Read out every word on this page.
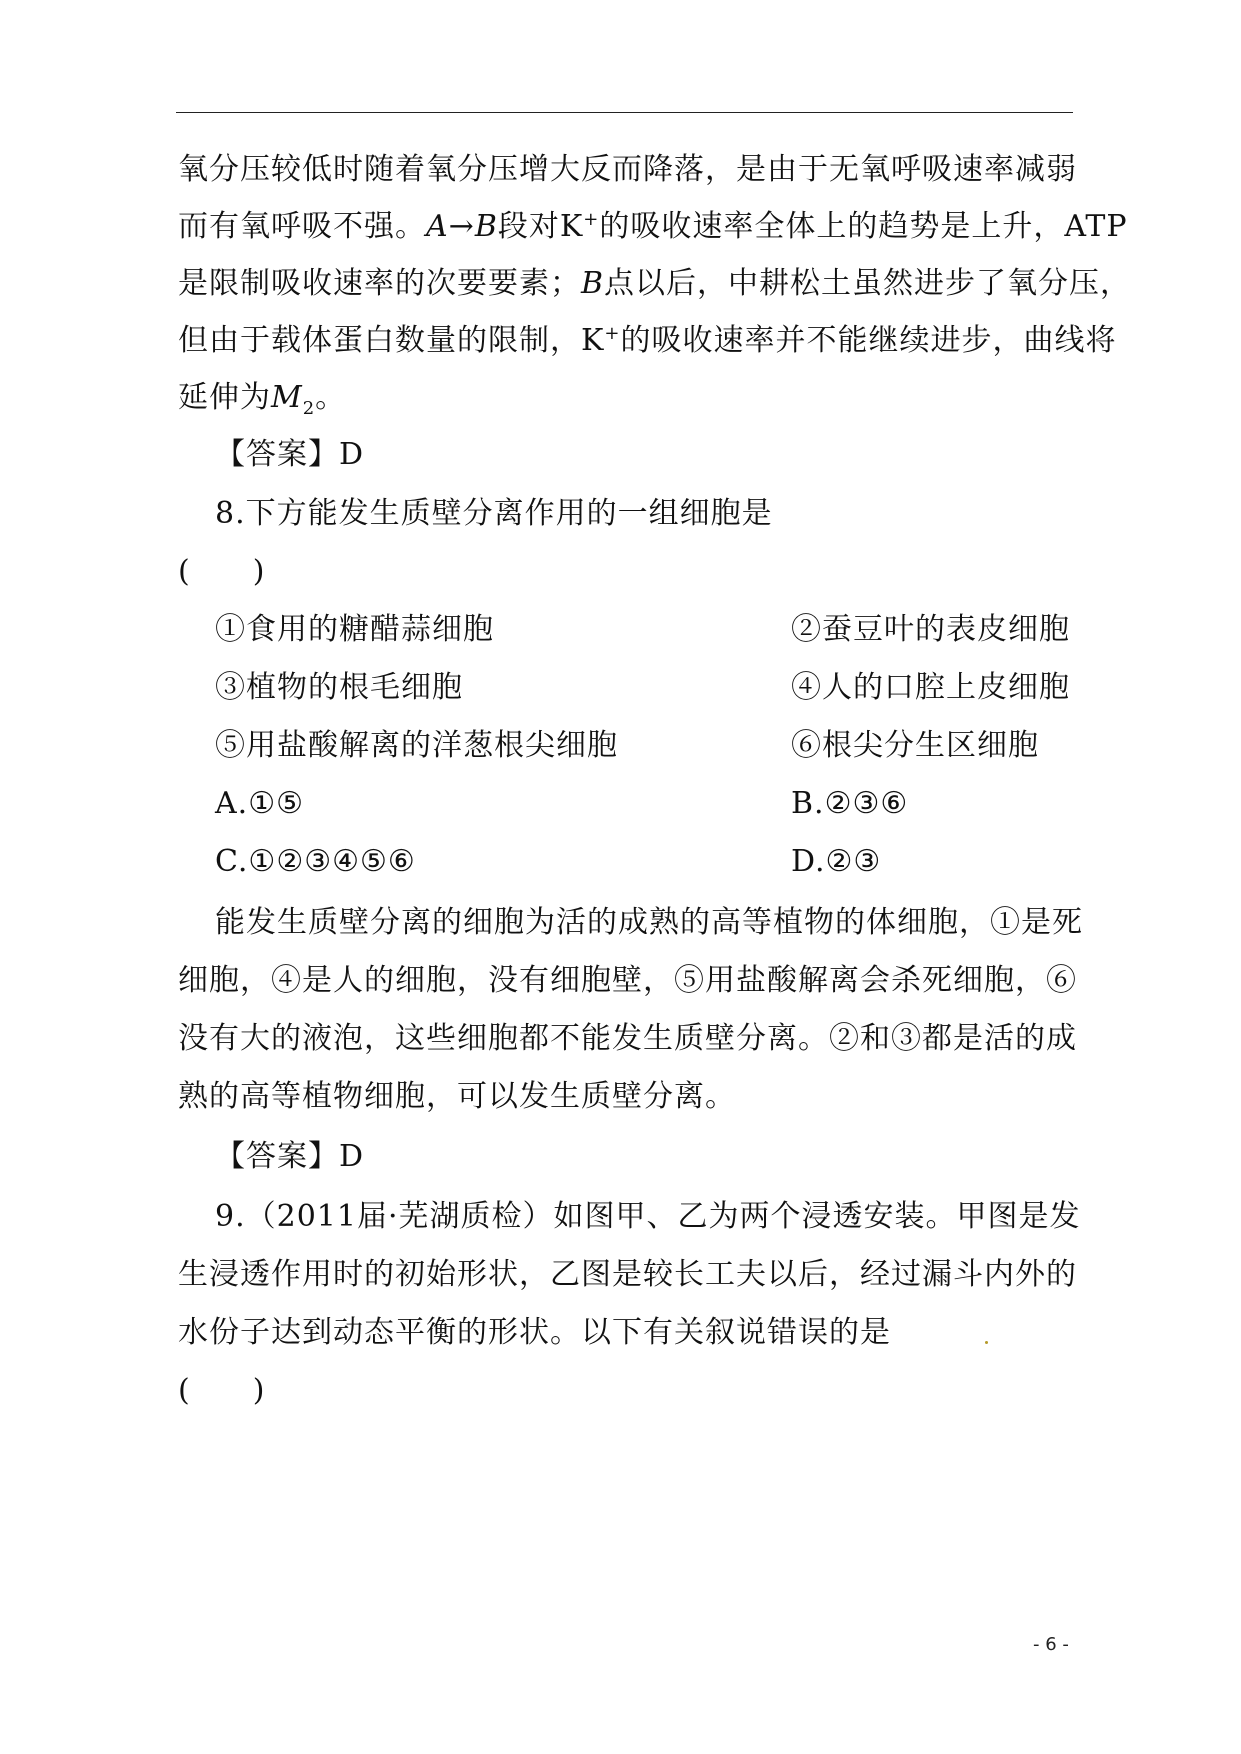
氧分压较低时随着氧分压增大反而降落，是由于无氧呼吸速率减弱
而有氧呼吸不强。A→B段对K+的吸收速率全体上的趋势是上升，ATP
是限制吸收速率的次要要素；B点以后，中耕松土虽然进步了氧分压，
但由于载体蛋白数量的限制，K+的吸收速率并不能继续进步，曲线将
延伸为$M_2$。
【答案】D
8.下方能发生质壁分离作用的一组细胞是
(　　)
①食用的糖醋蒜细胞	②蚕豆叶的表皮细胞
③植物的根毛细胞	④人的口腔上皮细胞
⑤用盐酸解离的洋葱根尖细胞	⑥根尖分生区细胞
A.①⑤	B.②③⑥
C.①②③④⑤⑥	D.②③
能发生质壁分离的细胞为活的成熟的高等植物的体细胞，①是死
细胞，④是人的细胞，没有细胞壁，⑤用盐酸解离会杀死细胞，⑥
没有大的液泡，这些细胞都不能发生质壁分离。②和③都是活的成
熟的高等植物细胞，可以发生质壁分离。
【答案】D
9.（2011届·芜湖质检）如图甲、乙为两个浸透安装。甲图是发
生浸透作用时的初始形状，乙图是较长工夫以后，经过漏斗内外的
水份子达到动态平衡的形状。以下有关叙说错误的是
(　　)
- 6 -
